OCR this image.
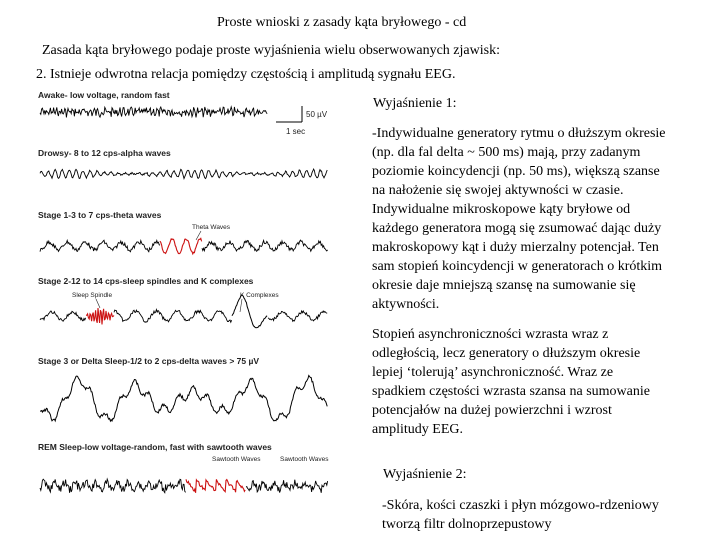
Proste wnioski z zasady kąta bryłowego - cd
Zasada kąta bryłowego podaje proste wyjaśnienia wielu obserwowanych zjawisk:
2. Istnieje odwrotna relacja pomiędzy częstością i amplitudą sygnału EEG.
Awake- low voltage, random fast
Drowsy- 8 to 12 cps-alpha waves
Stage 1-3 to 7 cps-theta waves
Stage 2-12 to 14 cps-sleep spindles and K complexes
Stage 3 or Delta Sleep-1/2 to 2 cps-delta waves > 75 µV
REM Sleep-low voltage-random, fast with sawtooth waves
Theta Waves
Sleep Spindle	K Complexes
Sawtooth Waves	Sawtooth Waves
50 µV
1 sec
Wyjaśnienie 1:
-Indywidualne generatory rytmu o dłuższym okresie
(np. dla fal delta ~ 500 ms) mają, przy zadanym
poziomie koincydencji (np. 50 ms), większą szanse
na nałożenie się swojej aktywności w czasie.
Indywidualne mikroskopowe kąty bryłowe od
każdego generatora mogą się zsumować dając duży
makroskopowy kąt i duży mierzalny potencjał. Ten
sam stopień koincydencji w generatorach o krótkim
okresie daje mniejszą szansę na sumowanie się
aktywności.
Stopień asynchroniczności wzrasta wraz z
odległością, lecz generatory o dłuższym okresie
lepiej ‘tolerują’ asynchroniczność. Wraz ze
spadkiem częstości wzrasta szansa na sumowanie
potencjałów na dużej powierzchni i wzrost
amplitudy EEG.
Wyjaśnienie 2:
-Skóra, kości czaszki i płyn mózgowo-rdzeniowy
tworzą filtr dolnoprzepustowy
